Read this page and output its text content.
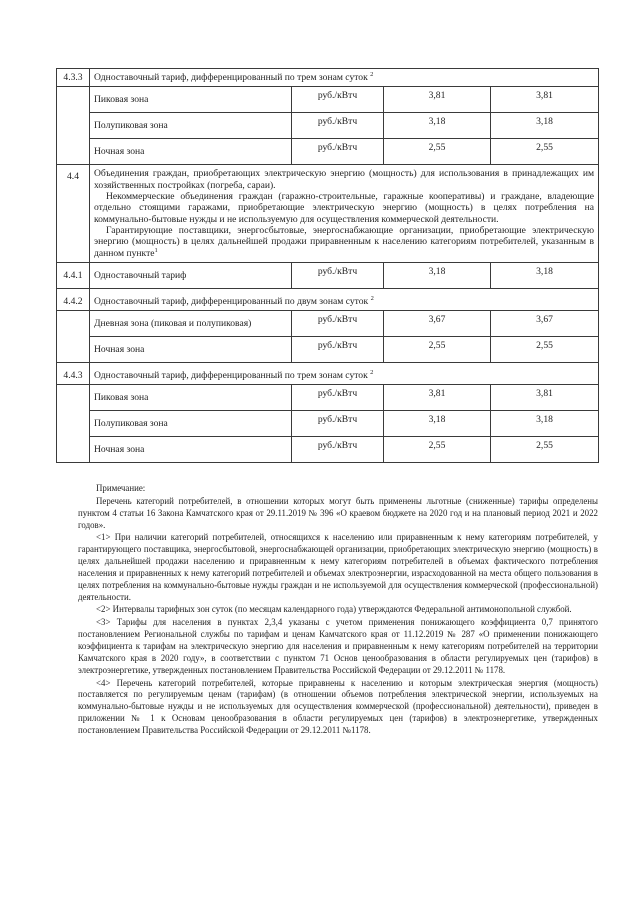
4.3.3	Одноставочный тариф, дифференцированный по трем зонам суток $^2$
	Пиковая зона	руб./кВтч	3,81	3,81
	Полупиковая зона	руб./кВтч	3,18	3,18
	Ночная зона	руб./кВтч	2,55	2,55
4.4	Объединения граждан, приобретающих электрическую энергию (мощность) для использования в принадлежащих им хозяйственных постройках (погреба, сараи).

Некоммерческие объединения граждан (гаражно-строительные, гаражные кооперативы) и граждане, владеющие отдельно стоящими гаражами, приобретающие электрическую энергию (мощность) в целях потребления на коммунально-бытовые нужды и не используемую для осуществления коммерческой деятельности.

Гарантирующие поставщики, энергосбытовые, энергоснабжающие организации, приобретающие электрическую энергию (мощность) в целях дальнейшей продажи приравненным к населению категориям потребителей, указанным в данном пункте$^1$

4.4.1	Одноставочный тариф	руб./кВтч	3,18	3,18
4.4.2	Одноставочный тариф, дифференцированный по двум зонам суток $^2$
	Дневная зона (пиковая и полупиковая)	руб./кВтч	3,67	3,67
	Ночная зона	руб./кВтч	2,55	2,55
4.4.3	Одноставочный тариф, дифференцированный по трем зонам суток $^2$
	Пиковая зона	руб./кВтч	3,81	3,81
	Полупиковая зона	руб./кВтч	3,18	3,18
	Ночная зона	руб./кВтч	2,55	2,55

Примечание:

Перечень категорий потребителей, в отношении которых могут быть применены льготные (сниженные) тарифы определены пунктом 4 статьи 16 Закона Камчатского края от 29.11.2019 № 396 «О краевом бюджете на 2020 год и на плановый период 2021 и 2022 годов».

<1> При наличии категорий потребителей, относящихся к населению или приравненным к нему категориям потребителей, у гарантирующего поставщика, энергосбытовой, энергоснабжающей организации, приобретающих электрическую энергию (мощность) в целях дальнейшей продажи населению и приравненным к нему категориям потребителей в объемах фактического потребления населения и приравненных к нему категорий потребителей и объемах электроэнергии, израсходованной на места общего пользования в целях потребления на коммунально-бытовые нужды граждан и не используемой для осуществления коммерческой (профессиональной) деятельности.

<2> Интервалы тарифных зон суток (по месяцам календарного года) утверждаются Федеральной антимонопольной службой.

<3> Тарифы для населения в пунктах 2,3,4 указаны с учетом применения понижающего коэффициента 0,7 принятого постановлением Региональной службы по тарифам и ценам Камчатского края от 11.12.2019 № 287 «О применении понижающего коэффициента к тарифам на электрическую энергию для населения и приравненным к нему категориям потребителей на территории Камчатского края в 2020 году», в соответствии с пунктом 71 Основ ценообразования в области регулируемых цен (тарифов) в электроэнергетике, утвержденных постановлением Правительства Российской Федерации от 29.12.2011 № 1178.

<4> Перечень категорий потребителей, которые приравнены к населению и которым электрическая энергия (мощность) поставляется по регулируемым ценам (тарифам) (в отношении объемов потребления электрической энергии, используемых на коммунально-бытовые нужды и не используемых для осуществления коммерческой (профессиональной) деятельности), приведен в приложении № 1 к Основам ценообразования в области регулируемых цен (тарифов) в электроэнергетике, утвержденных постановлением Правительства Российской Федерации от 29.12.2011 №1178.
